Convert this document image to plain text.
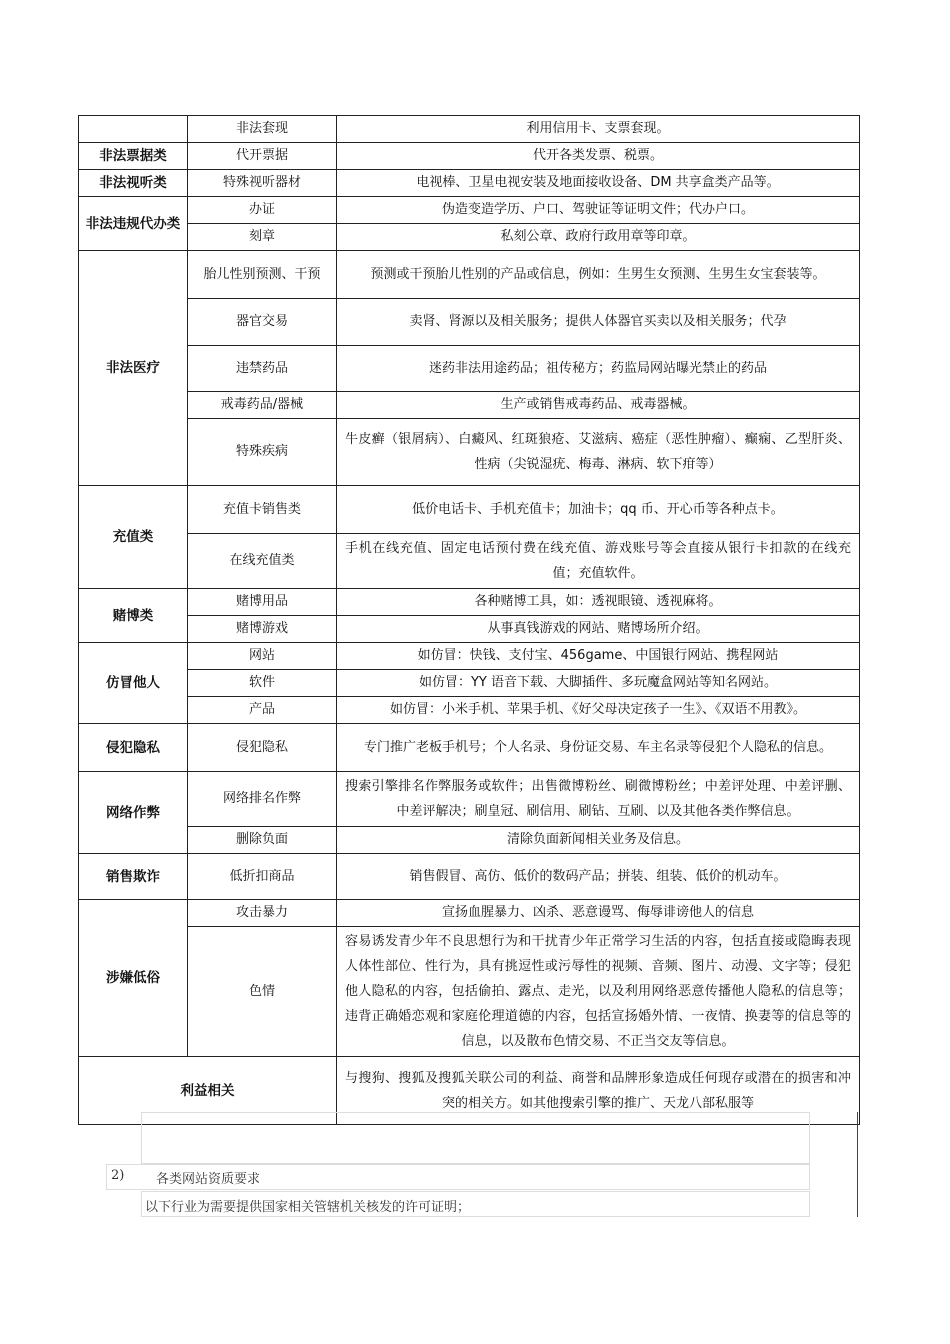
	非法套现	利用信用卡、支票套现。
非法票据类	代开票据	代开各类发票、税票。
非法视听类	特殊视听器材	电视棒、卫星电视安装及地面接收设备、DM 共享盒类产品等。
非法违规代办类	办证	伪造变造学历、户口、驾驶证等证明文件；代办户口。
	刻章	私刻公章、政府行政用章等印章。
非法医疗	胎儿性别预测、干预	预测或干预胎儿性别的产品或信息，例如：生男生女预测、生男生女宝套装等。
	器官交易	卖肾、肾源以及相关服务；提供人体器官买卖以及相关服务；代孕
	违禁药品	迷药非法用途药品；祖传秘方；药监局网站曝光禁止的药品
	戒毒药品/器械	生产或销售戒毒药品、戒毒器械。
	特殊疾病	牛皮癣（银屑病）、白癜风、红斑狼疮、艾滋病、癌症（恶性肿瘤）、癫痫、乙型肝炎、性病（尖锐湿疣、梅毒、淋病、软下疳等）
充值类	充值卡销售类	低价电话卡、手机充值卡；加油卡；qq 币、开心币等各种点卡。
	在线充值类	手机在线充值、固定电话预付费在线充值、游戏账号等会直接从银行卡扣款的在线充值；充值软件。
赌博类	赌博用品	各种赌博工具，如：透视眼镜、透视麻将。
	赌博游戏	从事真钱游戏的网站、赌博场所介绍。
仿冒他人	网站	如仿冒：快钱、支付宝、456game、中国银行网站、携程网站
	软件	如仿冒：YY 语音下载、大脚插件、多玩魔盒网站等知名网站。
	产品	如仿冒：小米手机、苹果手机、《好父母决定孩子一生》、《双语不用教》。
侵犯隐私	侵犯隐私	专门推广老板手机号；个人名录、身份证交易、车主名录等侵犯个人隐私的信息。
网络作弊	网络排名作弊	搜索引擎排名作弊服务或软件；出售微博粉丝、刷微博粉丝；中差评处理、中差评删、中差评解决；刷皇冠、刷信用、刷钻、互刷、以及其他各类作弊信息。
	删除负面	清除负面新闻相关业务及信息。
销售欺诈	低折扣商品	销售假冒、高仿、低价的数码产品；拼装、组装、低价的机动车。
涉嫌低俗	攻击暴力	宣扬血腥暴力、凶杀、恶意谩骂、侮辱诽谤他人的信息
	色情	容易诱发青少年不良思想行为和干扰青少年正常学习生活的内容，包括直接或隐晦表现人体性部位、性行为，具有挑逗性或污辱性的视频、音频、图片、动漫、文字等；侵犯他人隐私的内容，包括偷拍、露点、走光，以及利用网络恶意传播他人隐私的信息等；违背正确婚恋观和家庭伦理道德的内容，包括宣扬婚外情、一夜情、换妻等的信息等的信息，以及散布色情交易、不正当交友等信息。
利益相关		与搜狗、搜狐及搜狐关联公司的利益、商誉和品牌形象造成任何现存或潜在的损害和冲突的相关方。如其他搜索引擎的推广、天龙八部私服等
2) 各类网站资质要求
以下行业为需要提供国家相关管辖机关核发的许可证明；
